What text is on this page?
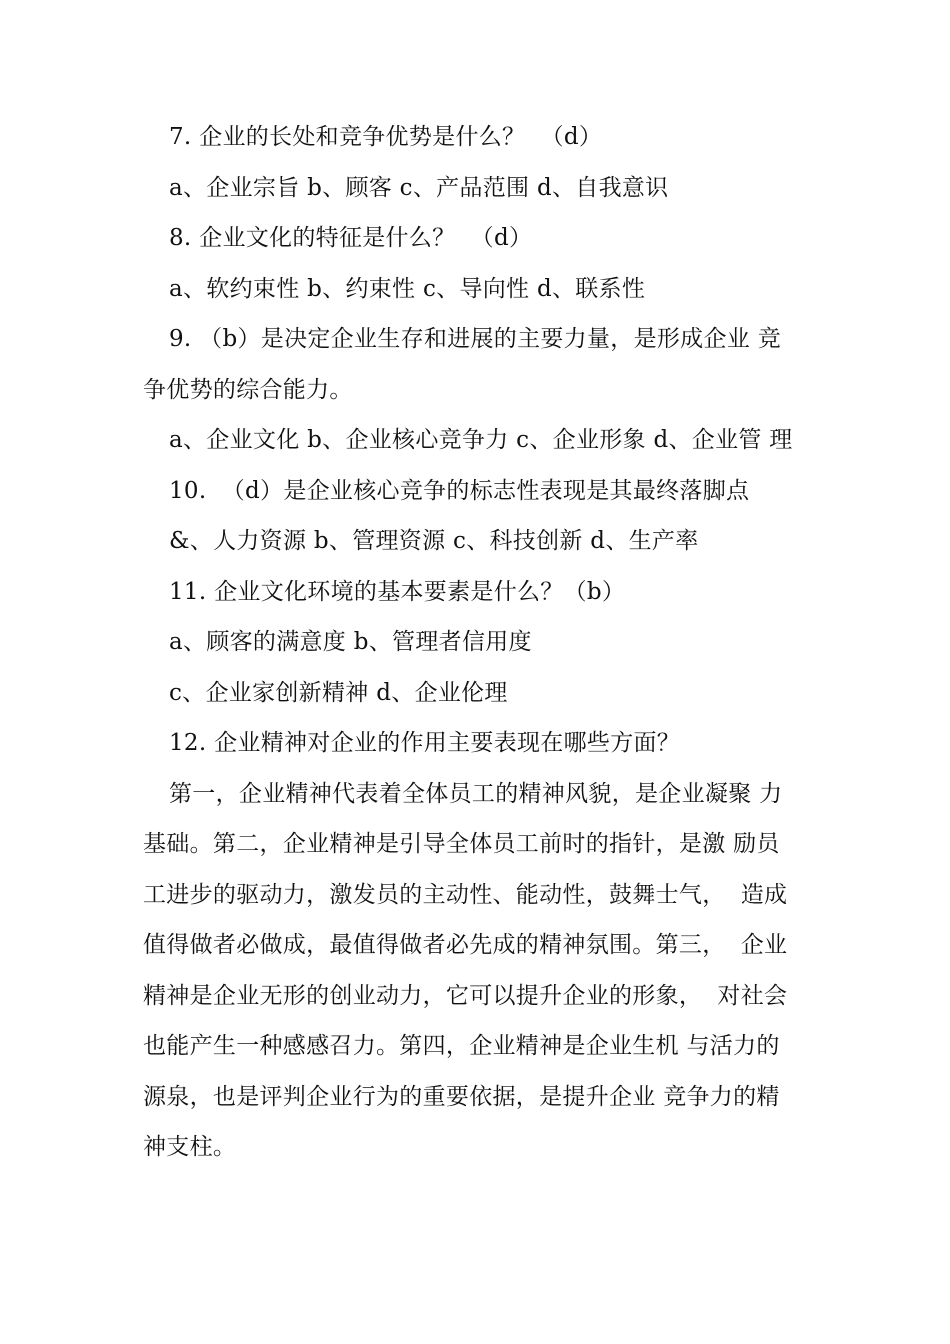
7. 企业的长处和竞争优势是什么？  （d）
a、企业宗旨 b、顾客 c、产品范围 d、自我意识
8. 企业文化的特征是什么？  （d）
a、软约束性 b、约束性 c、导向性 d、联系性
9. （b）是决定企业生存和进展的主要力量，是形成企业 竞
争优势的综合能力。
a、企业文化 b、企业核心竞争力 c、企业形象 d、企业管 理
10.  （d）是企业核心竞争的标志性表现是其最终落脚点
&、人力资源 b、管理资源 c、科技创新 d、生产率
11. 企业文化环境的基本要素是什么？（b）
a、顾客的满意度 b、管理者信用度
c、企业家创新精神 d、企业伦理
12. 企业精神对企业的作用主要表现在哪些方面？
第一，企业精神代表着全体员工的精神风貌，是企业凝聚 力
基础。第二，企业精神是引导全体员工前时的指针，是激 励员
工进步的驱动力，激发员的主动性、能动性，鼓舞士气，  造成
值得做者必做成，最值得做者必先成的精神氛围。第三，  企业
精神是企业无形的创业动力，它可以提升企业的形象，  对社会
也能产生一种感感召力。第四，企业精神是企业生机 与活力的
源泉，也是评判企业行为的重要依据，是提升企业 竞争力的精
神支柱。
